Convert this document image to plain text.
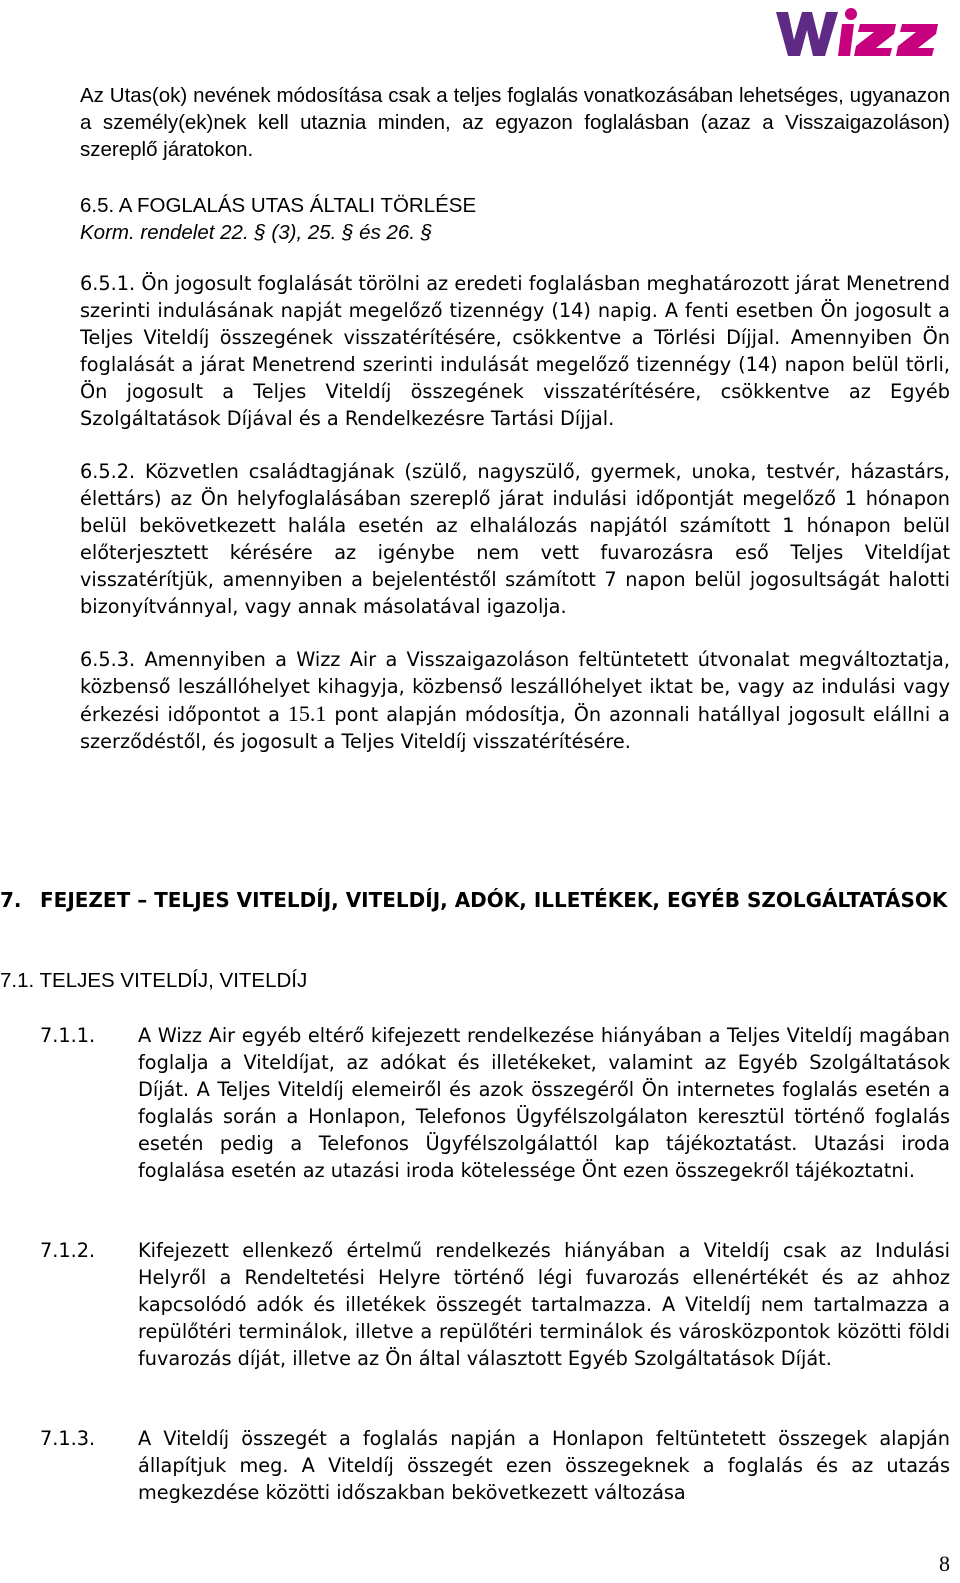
Az Utas(ok) nevének módosítása csak a teljes foglalás vonatkozásában lehetséges, ugyanazon a személy(ek)nek kell utaznia minden, az egyazon foglalásban (azaz a Visszaigazoláson) szereplő járatokon.

6.5. A FOGLALÁS UTAS ÁLTALI TÖRLÉSE

Korm. rendelet 22. § (3), 25. § és 26. §

6.5.1. Ön jogosult foglalását törölni az eredeti foglalásban meghatározott járat Menetrend szerinti indulásának napját megelőző tizennégy (14) napig. A fenti esetben Ön jogosult a Teljes Viteldíj összegének visszatérítésére, csökkentve a Törlési Díjjal. Amennyiben Ön foglalását a járat Menetrend szerinti indulását megelőző tizennégy (14) napon belül törli, Ön jogosult a Teljes Viteldíj összegének visszatérítésére, csökkentve az Egyéb Szolgáltatások Díjával és a Rendelkezésre Tartási Díjjal.

6.5.2. Közvetlen családtagjának (szülő, nagyszülő, gyermek, unoka, testvér, házastárs, élettárs) az Ön helyfoglalásában szereplő járat indulási időpontját megelőző 1 hónapon belül bekövetkezett halála esetén az elhalálozás napjától számított 1 hónapon belül előterjesztett kérésére az igénybe nem vett fuvarozásra eső Teljes Viteldíjat visszatérítjük, amennyiben a bejelentéstől számított 7 napon belül jogosultságát halotti bizonyítvánnyal, vagy annak másolatával igazolja.

6.5.3. Amennyiben a Wizz Air a Visszaigazoláson feltüntetett útvonalat megváltoztatja, közbenső leszállóhelyet kihagyja, közbenső leszállóhelyet iktat be, vagy az indulási vagy érkezési időpontot a 15.1 pont alapján módosítja, Ön azonnali hatállyal jogosult elállni a szerződéstől, és jogosult a Teljes Viteldíj visszatérítésére.

7. FEJEZET – TELJES VITELDÍJ, VITELDÍJ, ADÓK, ILLETÉKEK, EGYÉB SZOLGÁLTATÁSOK
7.1. TELJES VITELDÍJ, VITELDÍJ
7.1.1. A Wizz Air egyéb eltérő kifejezett rendelkezése hiányában a Teljes Viteldíj magában foglalja a Viteldíjat, az adókat és illetékeket, valamint az Egyéb Szolgáltatások Díját. A Teljes Viteldíj elemeiről és azok összegéről Ön internetes foglalás esetén a foglalás során a Honlapon, Telefonos Ügyfélszolgálaton keresztül történő foglalás esetén pedig a Telefonos Ügyfélszolgálattól kap tájékoztatást. Utazási iroda foglalása esetén az utazási iroda kötelessége Önt ezen összegekről tájékoztatni.

7.1.2. Kifejezett ellenkező értelmű rendelkezés hiányában a Viteldíj csak az Indulási Helyről a Rendeltetési Helyre történő légi fuvarozás ellenértékét és az ahhoz kapcsolódó adók és illetékek összegét tartalmazza. A Viteldíj nem tartalmazza a repülőtéri terminálok, illetve a repülőtéri terminálok és városközpontok közötti földi fuvarozás díját, illetve az Ön által választott Egyéb Szolgáltatások Díját.

7.1.3. A Viteldíj összegét a foglalás napján a Honlapon feltüntetett összegek alapján állapítjuk meg. A Viteldíj összegét ezen összegeknek a foglalás és az utazás megkezdése közötti időszakban bekövetkezett változása

8
